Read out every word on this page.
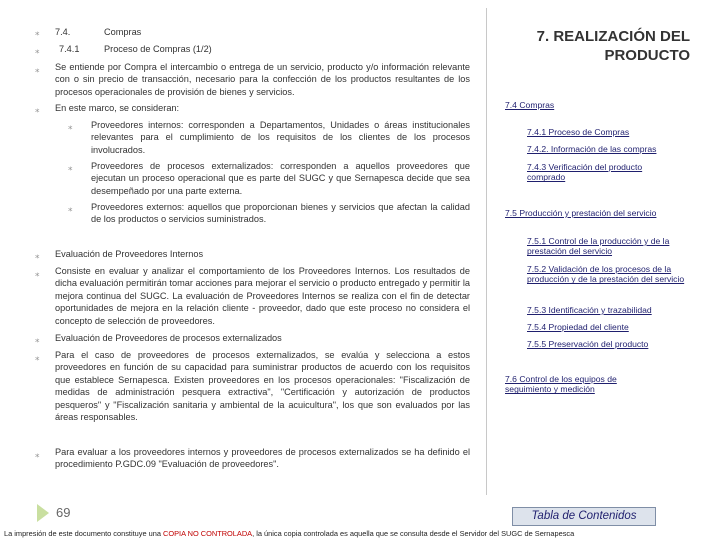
⁎ 7.4.	Compras
⁎ 7.4.1	Proceso de Compras (1/2)
⁎ Se entiende por Compra el intercambio o entrega de un servicio, producto y/o información relevante con o sin precio de transacción, necesario para la confección de los productos resultantes de los procesos operacionales de provisión de bienes y servicios.
⁎ En este marco, se consideran:
⁎ Proveedores internos: corresponden a Departamentos, Unidades o áreas institucionales relevantes para el cumplimiento de los requisitos de los clientes de los procesos involucrados.
⁎ Proveedores de procesos externalizados: corresponden a aquellos proveedores que ejecutan un proceso operacional que es parte del SUGC y que Sernapesca decide que sea desempeñado por una parte externa.
⁎ Proveedores externos: aquellos que proporcionan bienes y servicios que afectan la calidad de los productos o servicios suministrados.
⁎ Evaluación de Proveedores Internos
⁎ Consiste en evaluar y analizar el comportamiento de los Proveedores Internos. Los resultados de dicha evaluación permitirán tomar acciones para mejorar el servicio o producto entregado y permitir la mejora continua del SUGC. La evaluación de Proveedores Internos se realiza con el fin de detectar oportunidades de mejora en la relación cliente - proveedor, dado que este proceso no considera el concepto de selección de proveedores.
⁎ Evaluación de Proveedores de procesos externalizados
⁎ Para el caso de proveedores de procesos externalizados, se evalúa y selecciona a estos proveedores en función de su capacidad para suministrar productos de acuerdo con los requisitos que establece Sernapesca. Existen proveedores en los procesos operacionales: "Fiscalización de medidas de administración pesquera extractiva", "Certificación y autorización de productos pesqueros" y "Fiscalización sanitaria y ambiental de la acuicultura", los que son evaluados por las áreas responsables.
⁎ Para evaluar a los proveedores internos y proveedores de procesos externalizados se ha definido el procedimiento P.GDC.09 "Evaluación de proveedores".
7. REALIZACIÓN DEL PRODUCTO
7.4 Compras
7.4.1 Proceso de Compras
7.4.2. Información de las compras
7.4.3 Verificación del producto comprado
7.5 Producción y prestación del servicio
7.5.1 Control de la producción y de la prestación del servicio
7.5.2 Validación de los procesos de la producción y de la prestación del servicio
7.5.3 Identificación y trazabilidad
7.5.4 Propiedad del cliente
7.5.5 Preservación del producto
7.6 Control de los equipos de seguimiento y medición
69	Tabla de Contenidos
La impresión de este documento constituye una COPIA NO CONTROLADA, la única copia controlada es aquella que se consulta desde el Servidor del SUGC de Sernapesca
